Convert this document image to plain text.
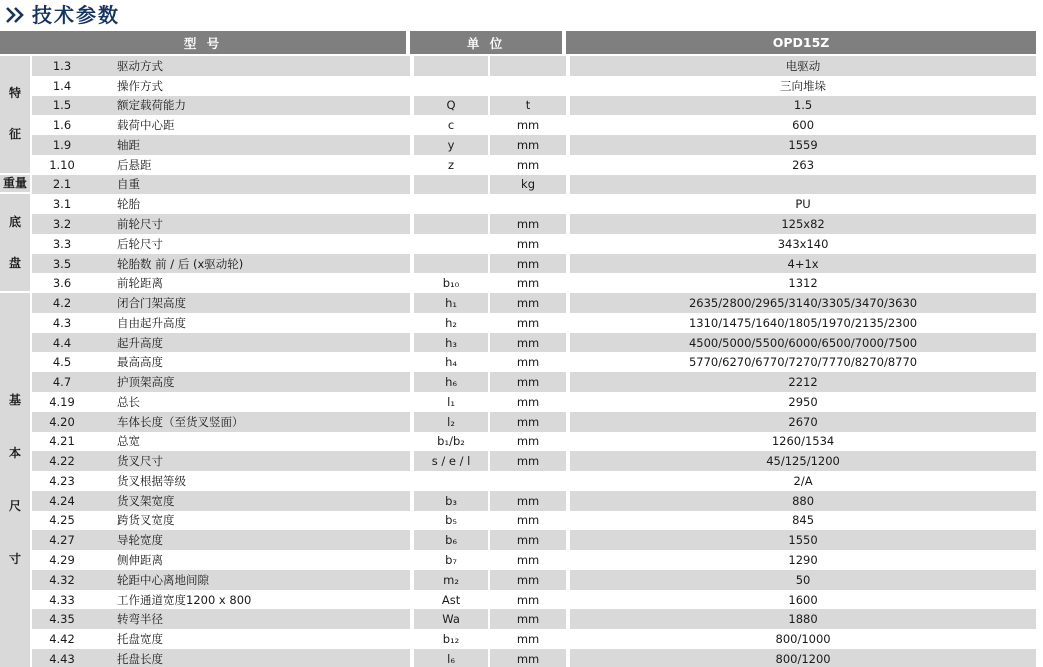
技术参数
型 号			单 位		OPD15Z

特
征	1.3	驱动方式			电驱动
	1.4	操作方式			三向堆垛
	1.5	额定载荷能力	Q	t	1.5
	1.6	载荷中心距	c	mm	600
	1.9	轴距	y	mm	1559
	1.10	后悬距	z	mm	263

重量	2.1	自重		kg	

底
盘	3.1	轮胎			PU
	3.2	前轮尺寸		mm	125x82
	3.3	后轮尺寸		mm	343x140
	3.5	轮胎数 前 / 后 (x驱动轮)		mm	4+1x
	3.6	前轮距离	b₁₀	mm	1312

基
本
尺
寸	4.2	闭合门架高度	h₁	mm	2635/2800/2965/3140/3305/3470/3630
	4.3	自由起升高度	h₂	mm	1310/1475/1640/1805/1970/2135/2300
	4.4	起升高度	h₃	mm	4500/5000/5500/6000/6500/7000/7500
	4.5	最高高度	h₄	mm	5770/6270/6770/7270/7770/8270/8770
	4.7	护顶架高度	h₆	mm	2212
	4.19	总长	l₁	mm	2950
	4.20	车体长度（至货叉竖面）	l₂	mm	2670
	4.21	总宽	b₁/b₂	mm	1260/1534
	4.22	货叉尺寸	s / e / l	mm	45/125/1200
	4.23	货叉根据等级			2/A
	4.24	货叉架宽度	b₃	mm	880
	4.25	跨货叉宽度	b₅	mm	845
	4.27	导轮宽度	b₆	mm	1550
	4.29	侧伸距离	b₇	mm	1290
	4.32	轮距中心离地间隙	m₂	mm	50
	4.33	工作通道宽度1200 x 800	Ast	mm	1600
	4.35	转弯半径	Wa	mm	1880
	4.42	托盘宽度	b₁₂	mm	800/1000
	4.43	托盘长度	l₆	mm	800/1200
